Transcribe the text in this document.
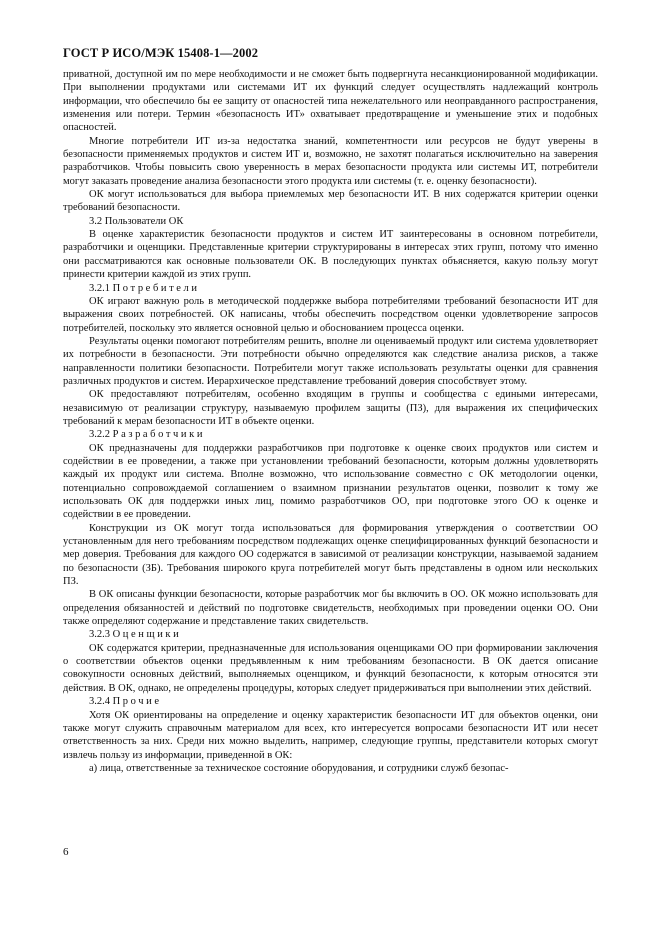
ГОСТ Р ИСО/МЭК 15408-1—2002

приватной, доступной им по мере необходимости и не сможет быть подвергнута несанкционированной модификации. При выполнении продуктами или системами ИТ их функций следует осуществлять надлежащий контроль информации, что обеспечило бы ее защиту от опасностей типа нежелательного или неоправданного распространения, изменения или потери. Термин «безопасность ИТ» охватывает предотвращение и уменьшение этих и подобных опасностей.

Многие потребители ИТ из-за недостатка знаний, компетентности или ресурсов не будут уверены в безопасности применяемых продуктов и систем ИТ и, возможно, не захотят полагаться исключительно на заверения разработчиков. Чтобы повысить свою уверенность в мерах безопасности продукта или системы ИТ, потребители могут заказать проведение анализа безопасности этого продукта или системы (т. е. оценку безопасности).

ОК могут использоваться для выбора приемлемых мер безопасности ИТ. В них содержатся критерии оценки требований безопасности.

3.2 Пользователи ОК

В оценке характеристик безопасности продуктов и систем ИТ заинтересованы в основном потребители, разработчики и оценщики. Представленные критерии структурированы в интересах этих групп, потому что именно они рассматриваются как основные пользователи ОК. В последующих пунктах объясняется, какую пользу могут принести критерии каждой из этих групп.

3.2.1 Потребители

ОК играют важную роль в методической поддержке выбора потребителями требований безопасности ИТ для выражения своих потребностей. ОК написаны, чтобы обеспечить посредством оценки удовлетворение запросов потребителей, поскольку это является основной целью и обоснованием процесса оценки.

Результаты оценки помогают потребителям решить, вполне ли оцениваемый продукт или система удовлетворяет их потребности в безопасности. Эти потребности обычно определяются как следствие анализа рисков, а также направленности политики безопасности. Потребители могут также использовать результаты оценки для сравнения различных продуктов и систем. Иерархическое представление требований доверия способствует этому.

ОК предоставляют потребителям, особенно входящим в группы и сообщества с едиными интересами, независимую от реализации структуру, называемую профилем защиты (ПЗ), для выражения их специфических требований к мерам безопасности ИТ в объекте оценки.

3.2.2 Разработчики

ОК предназначены для поддержки разработчиков при подготовке к оценке своих продуктов или систем и содействии в ее проведении, а также при установлении требований безопасности, которым должны удовлетворять каждый их продукт или система. Вполне возможно, что использование совместно с ОК методологии оценки, потенциально сопровождаемой соглашением о взаимном признании результатов оценки, позволит к тому же использовать ОК для поддержки иных лиц, помимо разработчиков ОО, при подготовке этого ОО к оценке и содействии в ее проведении.

Конструкции из ОК могут тогда использоваться для формирования утверждения о соответствии ОО установленным для него требованиям посредством подлежащих оценке специфицированных функций безопасности и мер доверия. Требования для каждого ОО содержатся в зависимой от реализации конструкции, называемой заданием по безопасности (ЗБ). Требования широкого круга потребителей могут быть представлены в одном или нескольких ПЗ.

В ОК описаны функции безопасности, которые разработчик мог бы включить в ОО. ОК можно использовать для определения обязанностей и действий по подготовке свидетельств, необходимых при проведении оценки ОО. Они также определяют содержание и представление таких свидетельств.

3.2.3 Оценщики

ОК содержатся критерии, предназначенные для использования оценщиками ОО при формировании заключения о соответствии объектов оценки предъявленным к ним требованиям безопасности. В ОК дается описание совокупности основных действий, выполняемых оценщиком, и функций безопасности, к которым относятся эти действия. В ОК, однако, не определены процедуры, которых следует придерживаться при выполнении этих действий.

3.2.4 Прочие

Хотя ОК ориентированы на определение и оценку характеристик безопасности ИТ для объектов оценки, они также могут служить справочным материалом для всех, кто интересуется вопросами безопасности ИТ или несет ответственность за них. Среди них можно выделить, например, следующие группы, представители которых смогут извлечь пользу из информации, приведенной в ОК:

а) лица, ответственные за техническое состояние оборудования, и сотрудники служб безопас-

6
